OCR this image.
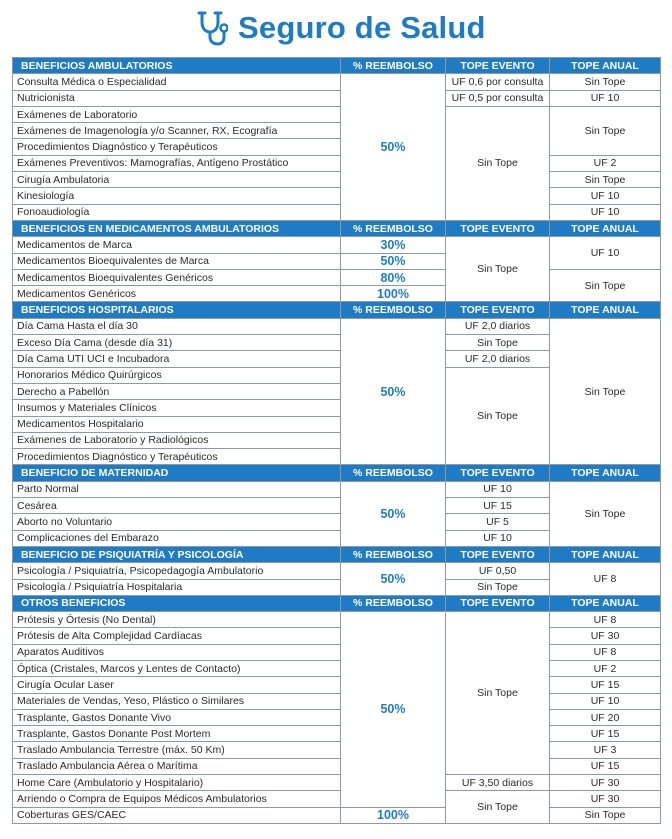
Seguro de Salud
BENEFICIOS AMBULATORIOS	% REEMBOLSO	TOPE EVENTO	TOPE ANUAL
Consulta Médica o Especialidad	50%	UF 0,6 por consulta	Sin Tope
Nutricionista		UF 0,5 por consulta	UF 10
Exámenes de Laboratorio		Sin Tope	Sin Tope
Exámenes de Imagenología y/o Scanner, RX, Ecografía			
Procedimientos Diagnóstico y Terapéuticos			
Exámenes Preventivos: Mamografías, Antígeno Prostático			UF 2
Cirugía Ambulatoria			Sin Tope
Kinesiología			UF 10
Fonoaudiología			UF 10
BENEFICIOS EN MEDICAMENTOS AMBULATORIOS	% REEMBOLSO	TOPE EVENTO	TOPE ANUAL
Medicamentos de Marca	30%	Sin Tope	UF 10
Medicamentos Bioequivalentes de Marca	50%		
Medicamentos Bioequivalentes Genéricos	80%		Sin Tope
Medicamentos Genéricos	100%		
BENEFICIOS HOSPITALARIOS	% REEMBOLSO	TOPE EVENTO	TOPE ANUAL
Día Cama Hasta el día 30	50%	UF 2,0 diarios	Sin Tope
Exceso Día Cama (desde día 31)		Sin Tope	
Día Cama UTI UCI e Incubadora		UF 2,0 diarios	
Honorarios Médico Quirúrgicos		Sin Tope	
Derecho a Pabellón			
Insumos y Materiales Clínicos			
Medicamentos Hospitalario			
Exámenes de Laboratorio y Radiológicos			
Procedimientos Diagnóstico y Terapéuticos			
BENEFICIO DE MATERNIDAD	% REEMBOLSO	TOPE EVENTO	TOPE ANUAL
Parto Normal	50%	UF 10	Sin Tope
Cesárea		UF 15	
Aborto no Voluntario		UF 5	
Complicaciones del Embarazo		UF 10	
BENEFICIO DE PSIQUIATRÍA Y PSICOLOGÍA	% REEMBOLSO	TOPE EVENTO	TOPE ANUAL
Psicología / Psiquiatría, Psicopedagogía Ambulatorio	50%	UF 0,50	UF 8
Psicología / Psiquiatría Hospitalaria		Sin Tope	
OTROS BENEFICIOS	% REEMBOLSO	TOPE EVENTO	TOPE ANUAL
Prótesis y Órtesis (No Dental)	50%	Sin Tope	UF 8
Prótesis de Alta Complejidad Cardíacas			UF 30
Aparatos Auditivos			UF 8
Óptica (Cristales, Marcos y Lentes de Contacto)			UF 2
Cirugía Ocular Laser			UF 15
Materiales de Vendas, Yeso, Plástico o Similares			UF 10
Trasplante, Gastos Donante Vivo			UF 20
Trasplante, Gastos Donante Post Mortem			UF 15
Traslado Ambulancia Terrestre (máx. 50 Km)			UF 3
Traslado Ambulancia Aérea o Marítima			UF 15
Home Care (Ambulatorio y Hospitalario)		UF 3,50 diarios	UF 30
Arriendo o Compra de Equipos Médicos Ambulatorios		Sin Tope	UF 30
Coberturas GES/CAEC	100%		Sin Tope
